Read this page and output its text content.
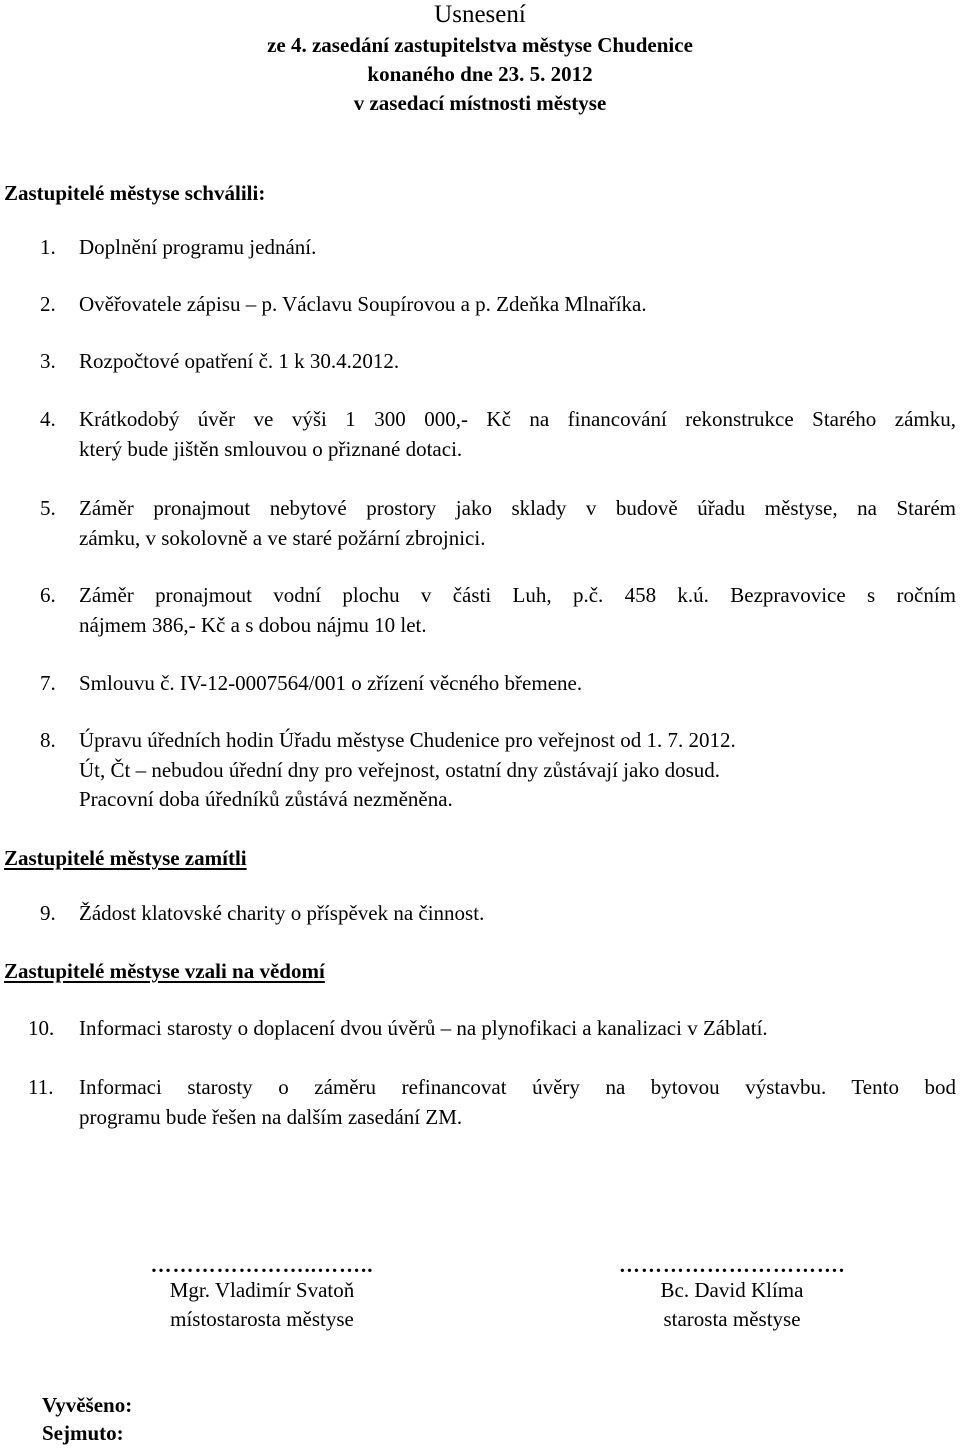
Usnesení
ze 4. zasedání zastupitelstva městyse Chudenice
konaného dne 23. 5. 2012
v zasedací místnosti městyse
Zastupitelé městyse schválili:
1. Doplnění programu jednání.
2. Ověřovatele zápisu – p. Václavu Soupírovou a p. Zdeňka Mlnaříka.
3. Rozpočtové opatření č. 1 k 30.4.2012.
4. Krátkodobý úvěr ve výši 1 300 000,- Kč na financování rekonstrukce Starého zámku,
který bude jištěn smlouvou o přiznané dotaci.
5. Záměr pronajmout nebytové prostory jako sklady v budově úřadu městyse, na Starém
zámku, v sokolovně a ve staré požární zbrojnici.
6. Záměr pronajmout vodní plochu v části Luh, p.č. 458 k.ú. Bezpravovice s ročním
nájmem 386,- Kč a s dobou nájmu 10 let.
7. Smlouvu č. IV-12-0007564/001 o zřízení věcného břemene.
8. Úpravu úředních hodin Úřadu městyse Chudenice pro veřejnost od 1. 7. 2012.
Út, Čt – nebudou úřední dny pro veřejnost, ostatní dny zůstávají jako dosud.
Pracovní doba úředníků zůstává nezměněna.
Zastupitelé městyse zamítli
9. Žádost klatovské charity o příspěvek na činnost.
Zastupitelé městyse vzali na vědomí
10. Informaci starosty o doplacení dvou úvěrů – na plynofikaci a kanalizaci v Záblatí.
11. Informaci starosty o záměru refinancovat úvěry na bytovou výstavbu. Tento bod
programu bude řešen na dalším zasedání ZM.
…………………..……..
Mgr. Vladimír Svatoň
místostarosta městyse
………………………….
Bc. David Klíma
starosta městyse
Vyvěšeno:
Sejmuto:
